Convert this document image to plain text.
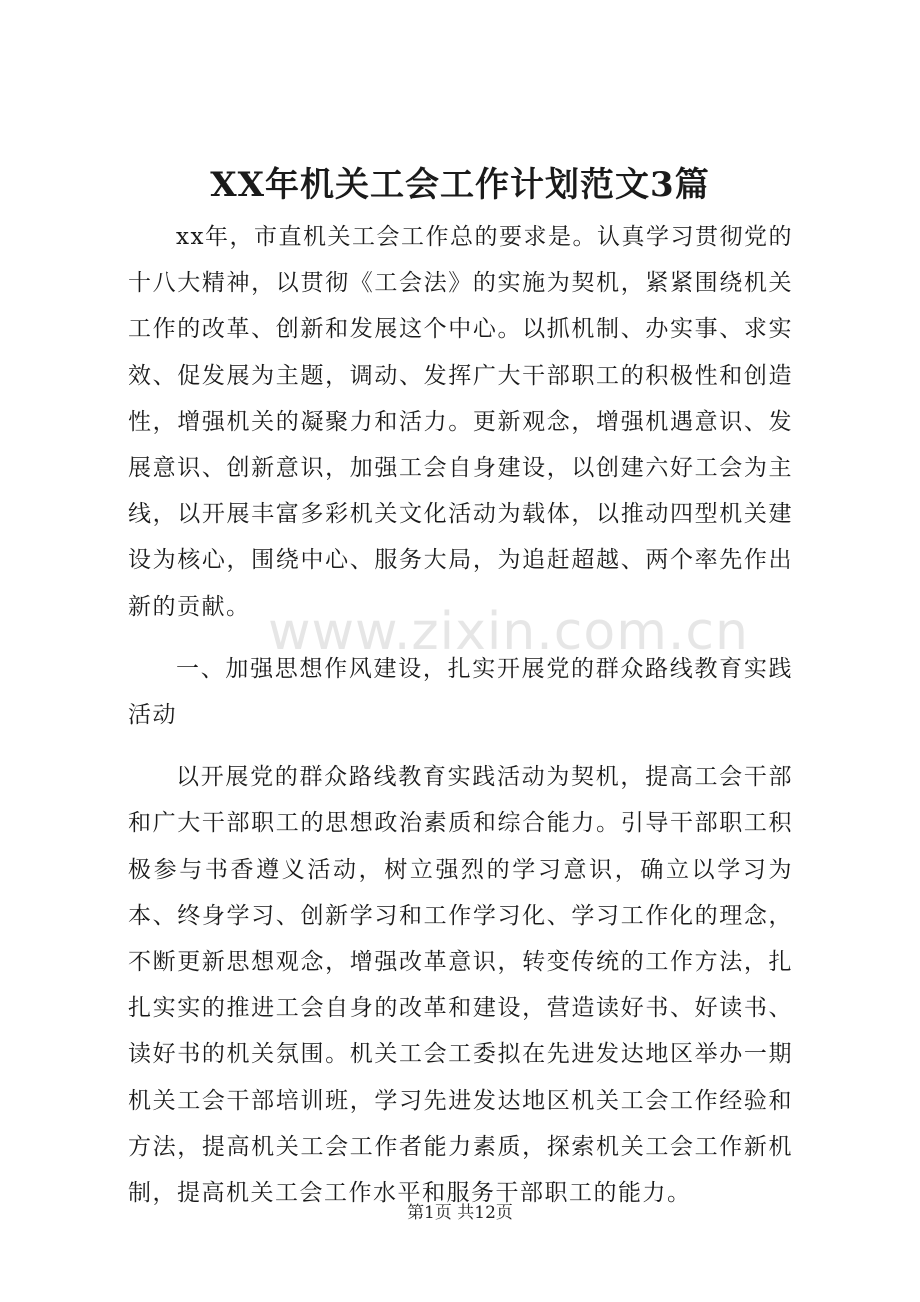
XX年机关工会工作计划范文3篇

xx年，市直机关工会工作总的要求是。认真学习贯彻党的十八大精神，以贯彻《工会法》的实施为契机，紧紧围绕机关工作的改革、创新和发展这个中心。以抓机制、办实事、求实效、促发展为主题，调动、发挥广大干部职工的积极性和创造性，增强机关的凝聚力和活力。更新观念，增强机遇意识、发展意识、创新意识，加强工会自身建设，以创建六好工会为主线，以开展丰富多彩机关文化活动为载体，以推动四型机关建设为核心，围绕中心、服务大局，为追赶超越、两个率先作出新的贡献。

一、加强思想作风建设，扎实开展党的群众路线教育实践活动

以开展党的群众路线教育实践活动为契机，提高工会干部和广大干部职工的思想政治素质和综合能力。引导干部职工积极参与书香遵义活动，树立强烈的学习意识，确立以学习为本、终身学习、创新学习和工作学习化、学习工作化的理念，不断更新思想观念，增强改革意识，转变传统的工作方法，扎扎实实的推进工会自身的改革和建设，营造读好书、好读书、读好书的机关氛围。机关工会工委拟在先进发达地区举办一期机关工会干部培训班，学习先进发达地区机关工会工作经验和方法，提高机关工会工作者能力素质，探索机关工会工作新机制，提高机关工会工作水平和服务干部职工的能力。

www.zixin.com.cn
第1页 共12页
